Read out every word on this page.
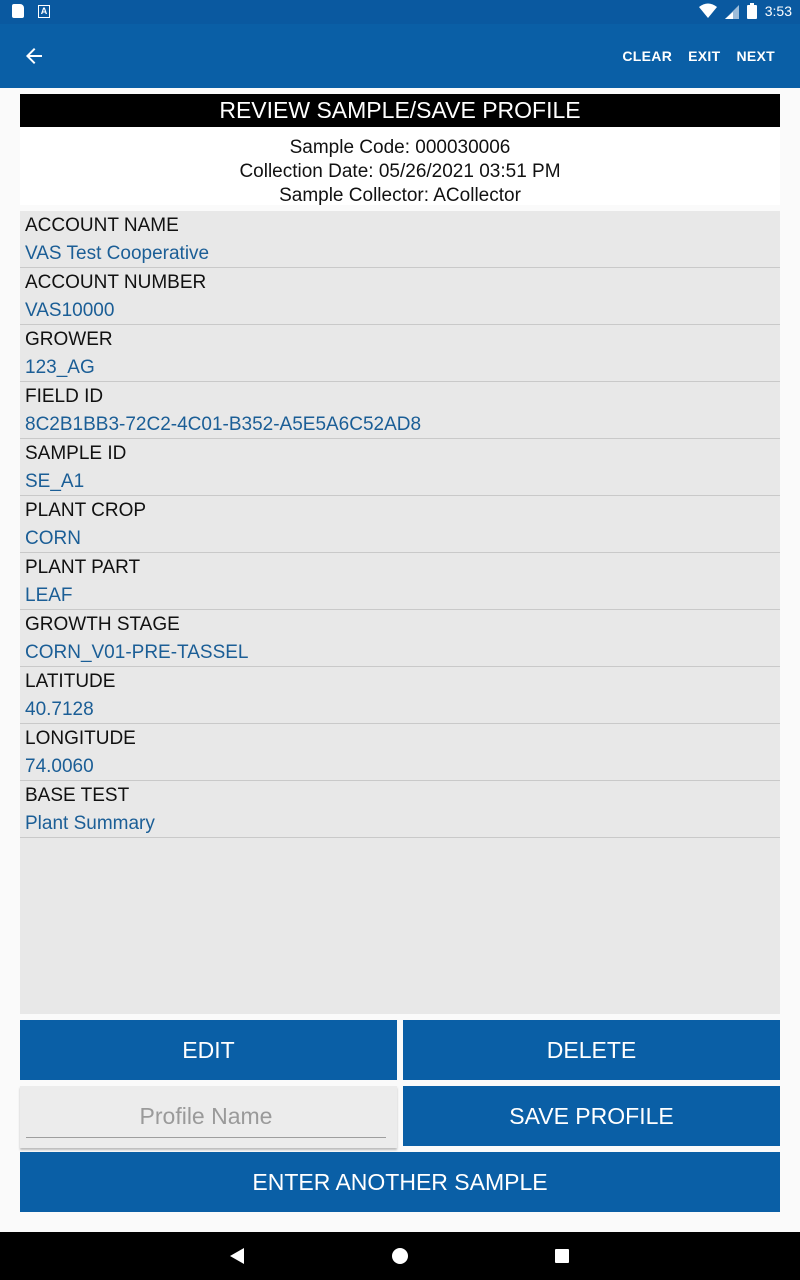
A	3:53
CLEAR	EXIT	NEXT
REVIEW SAMPLE/SAVE PROFILE
Sample Code: 000030006
Collection Date: 05/26/2021 03:51 PM
Sample Collector: ACollector
ACCOUNT NAME
VAS Test Cooperative
ACCOUNT NUMBER
VAS10000
GROWER
123_AG
FIELD ID
8C2B1BB3-72C2-4C01-B352-A5E5A6C52AD8
SAMPLE ID
SE_A1
PLANT CROP
CORN
PLANT PART
LEAF
GROWTH STAGE
CORN_V01-PRE-TASSEL
LATITUDE
40.7128
LONGITUDE
74.0060
BASE TEST
Plant Summary
EDIT	DELETE
Profile Name
SAVE PROFILE
ENTER ANOTHER SAMPLE
